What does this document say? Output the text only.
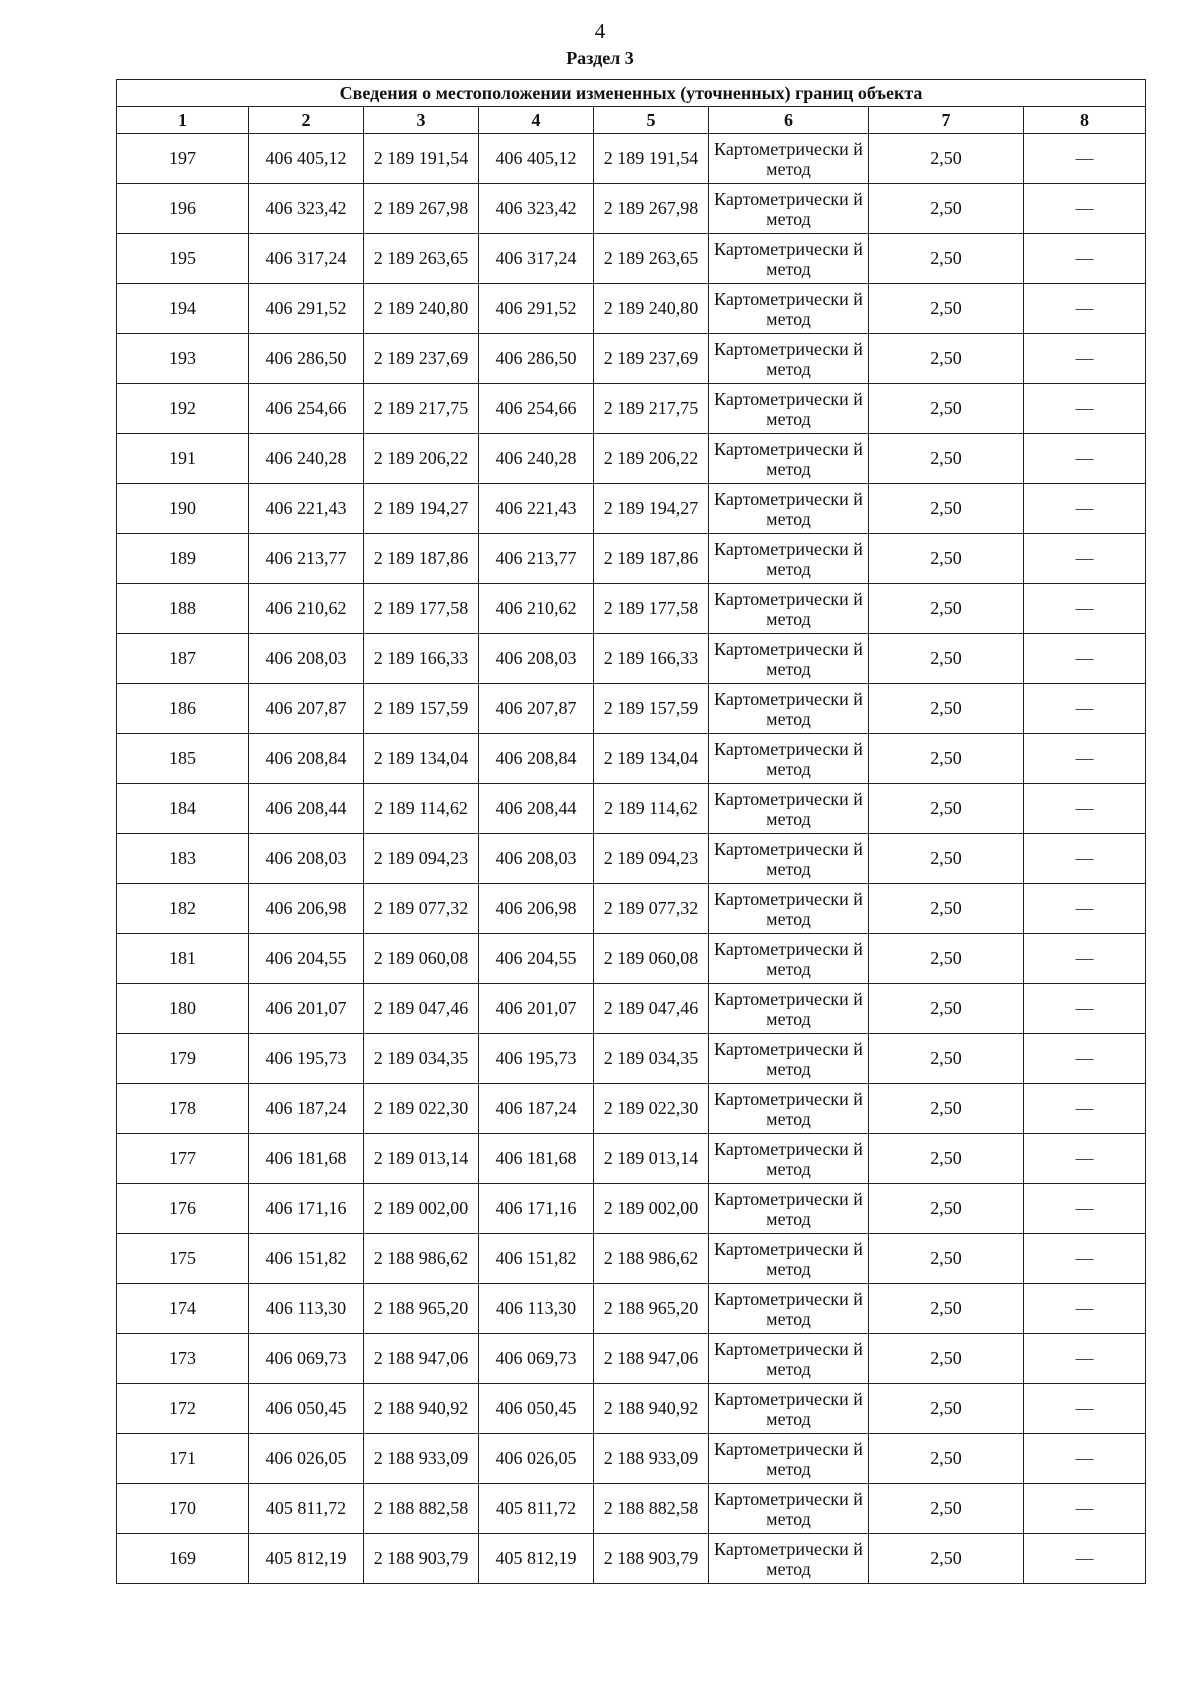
4
Раздел 3
Сведения о местоположении измененных (уточненных) границ объекта							
1	2	3	4	5	6	7	8
197	406 405,12	2 189 191,54	406 405,12	2 189 191,54	Картометрически й метод	2,50	—
196	406 323,42	2 189 267,98	406 323,42	2 189 267,98	Картометрически й метод	2,50	—
195	406 317,24	2 189 263,65	406 317,24	2 189 263,65	Картометрически й метод	2,50	—
194	406 291,52	2 189 240,80	406 291,52	2 189 240,80	Картометрически й метод	2,50	—
193	406 286,50	2 189 237,69	406 286,50	2 189 237,69	Картометрически й метод	2,50	—
192	406 254,66	2 189 217,75	406 254,66	2 189 217,75	Картометрически й метод	2,50	—
191	406 240,28	2 189 206,22	406 240,28	2 189 206,22	Картометрически й метод	2,50	—
190	406 221,43	2 189 194,27	406 221,43	2 189 194,27	Картометрически й метод	2,50	—
189	406 213,77	2 189 187,86	406 213,77	2 189 187,86	Картометрически й метод	2,50	—
188	406 210,62	2 189 177,58	406 210,62	2 189 177,58	Картометрически й метод	2,50	—
187	406 208,03	2 189 166,33	406 208,03	2 189 166,33	Картометрически й метод	2,50	—
186	406 207,87	2 189 157,59	406 207,87	2 189 157,59	Картометрически й метод	2,50	—
185	406 208,84	2 189 134,04	406 208,84	2 189 134,04	Картометрически й метод	2,50	—
184	406 208,44	2 189 114,62	406 208,44	2 189 114,62	Картометрически й метод	2,50	—
183	406 208,03	2 189 094,23	406 208,03	2 189 094,23	Картометрически й метод	2,50	—
182	406 206,98	2 189 077,32	406 206,98	2 189 077,32	Картометрически й метод	2,50	—
181	406 204,55	2 189 060,08	406 204,55	2 189 060,08	Картометрически й метод	2,50	—
180	406 201,07	2 189 047,46	406 201,07	2 189 047,46	Картометрически й метод	2,50	—
179	406 195,73	2 189 034,35	406 195,73	2 189 034,35	Картометрически й метод	2,50	—
178	406 187,24	2 189 022,30	406 187,24	2 189 022,30	Картометрически й метод	2,50	—
177	406 181,68	2 189 013,14	406 181,68	2 189 013,14	Картометрически й метод	2,50	—
176	406 171,16	2 189 002,00	406 171,16	2 189 002,00	Картометрически й метод	2,50	—
175	406 151,82	2 188 986,62	406 151,82	2 188 986,62	Картометрически й метод	2,50	—
174	406 113,30	2 188 965,20	406 113,30	2 188 965,20	Картометрически й метод	2,50	—
173	406 069,73	2 188 947,06	406 069,73	2 188 947,06	Картометрически й метод	2,50	—
172	406 050,45	2 188 940,92	406 050,45	2 188 940,92	Картометрически й метод	2,50	—
171	406 026,05	2 188 933,09	406 026,05	2 188 933,09	Картометрически й метод	2,50	—
170	405 811,72	2 188 882,58	405 811,72	2 188 882,58	Картометрически й метод	2,50	—
169	405 812,19	2 188 903,79	405 812,19	2 188 903,79	Картометрически й метод	2,50	—
